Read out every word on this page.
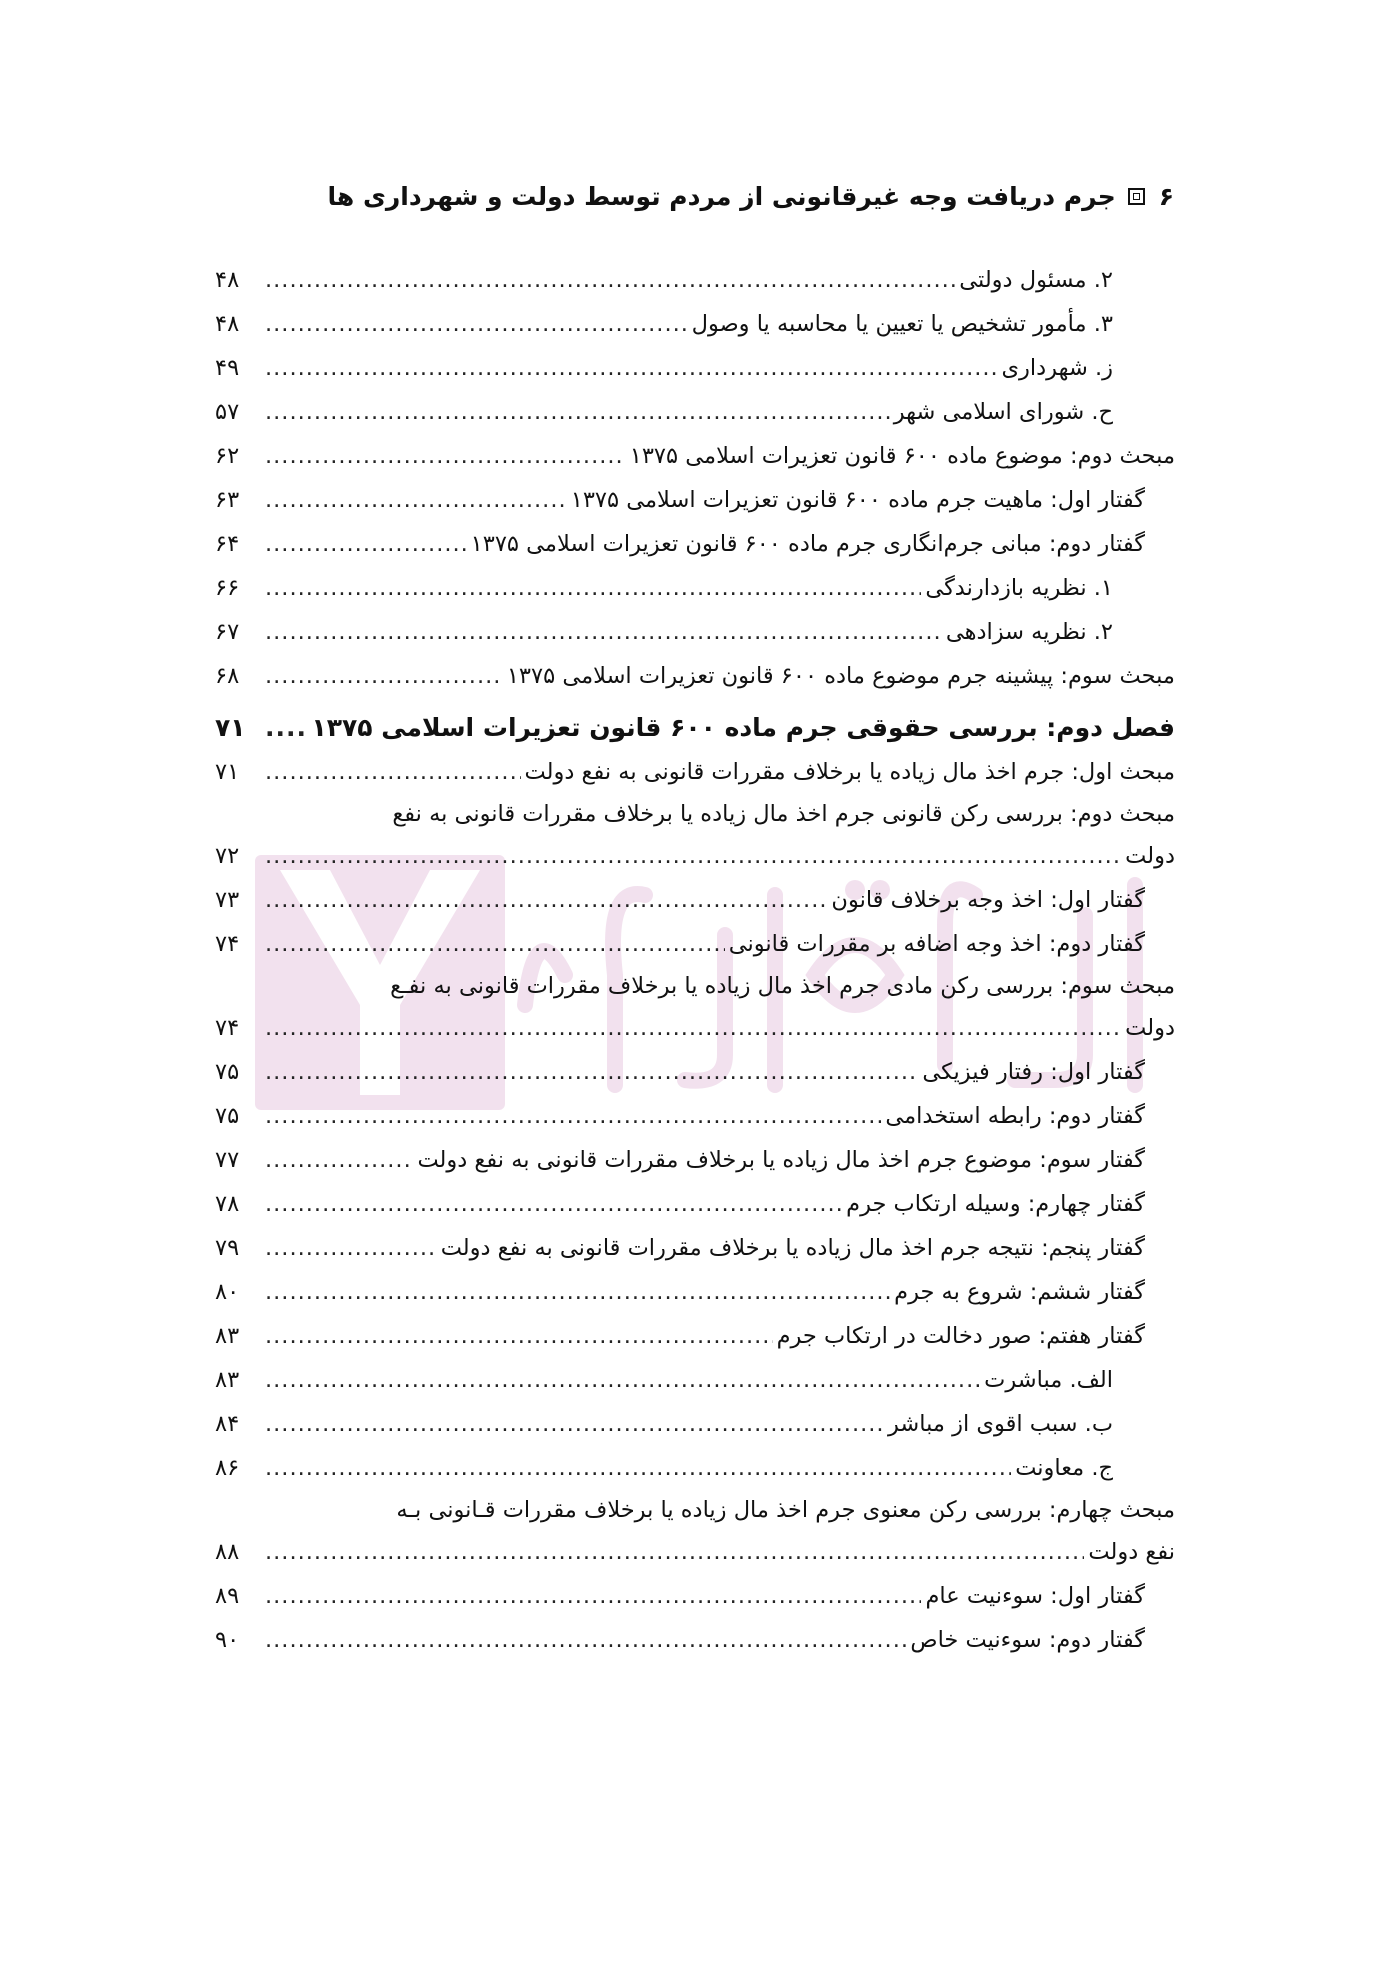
۶
جرم دریافت وجه غیرقانونی از مردم توسط دولت و شهرداری ها
۲. مسئول دولتی
.....
۴۸
۳. مأمور تشخیص یا تعیین یا محاسبه یا وصول
.....
۴۸
ز. شهرداری
.....
۴۹
ح. شورای اسلامی شهر
.....
۵۷
مبحث دوم: موضوع ماده ۶۰۰ قانون تعزیرات اسلامی ۱۳۷۵
.....
۶۲
گفتار اول: ماهیت جرم ماده ۶۰۰ قانون تعزیرات اسلامی ۱۳۷۵
.....
۶۳
گفتار دوم: مبانی جرم‌انگاری جرم ماده ۶۰۰ قانون تعزیرات اسلامی ۱۳۷۵
.....
۶۴
۱. نظریه بازدارندگی
.....
۶۶
۲. نظریه سزادهی
.....
۶۷
مبحث سوم: پیشینه جرم موضوع ماده ۶۰۰ قانون تعزیرات اسلامی ۱۳۷۵
.....
۶۸
فصل دوم: بررسی حقوقی جرم ماده ۶۰۰ قانون تعزیرات اسلامی ۱۳۷۵
.....
۷۱
مبحث اول: جرم اخذ مال زیاده یا برخلاف مقررات قانونی به نفع دولت
.....
۷۱
مبحث دوم: بررسی رکن قانونی جرم اخذ مال زیاده یا برخلاف مقررات قانونی به نفع
دولت
.....
۷۲
گفتار اول: اخذ وجه برخلاف قانون
.....
۷۳
گفتار دوم: اخذ وجه اضافه بر مقررات قانونی
.....
۷۴
مبحث سوم: بررسی رکن مادی جرم اخذ مال زیاده یا برخلاف مقررات قانونی به نفـع
دولت
.....
۷۴
گفتار اول: رفتار فیزیکی
.....
۷۵
گفتار دوم: رابطه استخدامی
.....
۷۵
گفتار سوم: موضوع جرم اخذ مال زیاده یا برخلاف مقررات قانونی به نفع دولت
.....
۷۷
گفتار چهارم: وسیله ارتکاب جرم
.....
۷۸
گفتار پنجم: نتیجه جرم اخذ مال زیاده یا برخلاف مقررات قانونی به نفع دولت
.....
۷۹
گفتار ششم: شروع به جرم
.....
۸۰
گفتار هفتم: صور دخالت در ارتکاب جرم
.....
۸۳
الف. مباشرت
.....
۸۳
ب. سبب اقوی از مباشر
.....
۸۴
ج. معاونت
.....
۸۶
مبحث چهارم: بررسی رکن معنوی جرم اخذ مال زیاده یا برخلاف مقررات قـانونی بـه
نفع دولت
.....
۸۸
گفتار اول: سوءنیت عام
.....
۸۹
گفتار دوم: سوءنیت خاص
.....
۹۰
